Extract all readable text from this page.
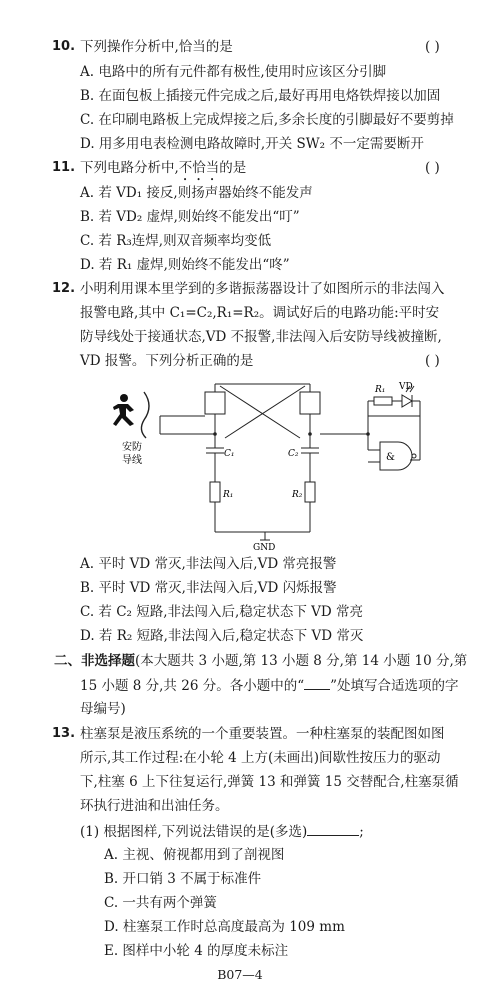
10. 下列操作分析中,恰当的是	( )
A. 电路中的所有元件都有极性,使用时应该区分引脚
B. 在面包板上插接元件完成之后,最好再用电烙铁焊接以加固
C. 在印刷电路板上完成焊接之后,多余长度的引脚最好不要剪掉
D. 用多用电表检测电路故障时,开关 SW₂ 不一定需要断开
11. 下列电路分析中,不恰当的是	( )
A. 若 VD₁ 接反,则扬声器始终不能发声
B. 若 VD₂ 虚焊,则始终不能发出“叮”
C. 若 R₃连焊,则双音频率均变低
D. 若 R₁ 虚焊,则始终不能发出“咚”
12. 小明利用课本里学到的多谐振荡器设计了如图所示的非法闯入
报警电路,其中 C₁=C₂,R₁=R₂。调试好后的电路功能:平时安
防导线处于接通状态,VD 不报警,非法闯入后安防导线被撞断,
VD 报警。下列分析正确的是	( )
安防
导线
C₁	C₂
R₁	R₂
R₁ VD
&
GND
A. 平时 VD 常灭,非法闯入后,VD 常亮报警
B. 平时 VD 常灭,非法闯入后,VD 闪烁报警
C. 若 C₂ 短路,非法闯入后,稳定状态下 VD 常亮
D. 若 R₂ 短路,非法闯入后,稳定状态下 VD 常灭
二、非选择题(本大题共 3 小题,第 13 小题 8 分,第 14 小题 10 分,第
15 小题 8 分,共 26 分。各小题中的“ ”处填写合适选项的字
母编号)
13. 柱塞泵是液压系统的一个重要装置。一种柱塞泵的装配图如图
所示,其工作过程:在小轮 4 上方(未画出)间歇性按压力的驱动
下,柱塞 6 上下往复运行,弹簧 13 和弹簧 15 交替配合,柱塞泵循
环执行进油和出油任务。
(1) 根据图样,下列说法错误的是(多选)	;
A. 主视、俯视都用到了剖视图
B. 开口销 3 不属于标准件
C. 一共有两个弹簧
D. 柱塞泵工作时总高度最高为 109 mm
E. 图样中小轮 4 的厚度未标注
B07—4
